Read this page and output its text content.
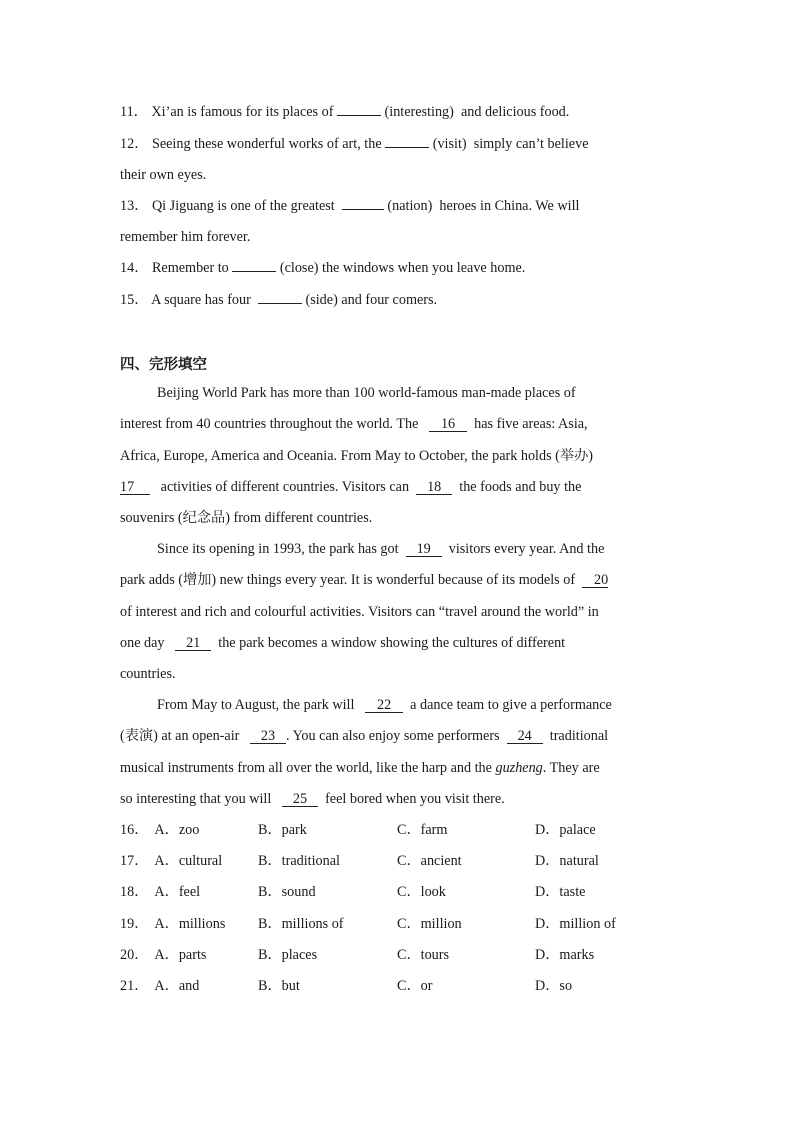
11． Xi’an is famous for its places of	(interesting) and delicious food.
12． Seeing these wonderful works of art, the	(visit) simply can’t believe
their own eyes.
13． Qi Jiguang is one of the greatest	(nation) heroes in China. We will
remember him forever.
14． Remember to	(close) the windows when you leave home.
15． A square has four	(side) and four comers.
四、完形填空
Beijing World Park has more than 100 world-famous man-made places of
interest from 40 countries throughout the world. The 16 has five areas: Asia,
Africa, Europe, America and Oceania. From May to October, the park holds (举办)
17 activities of different countries. Visitors can 18 the foods and buy the
souvenirs (纪念品) from different countries.
Since its opening in 1993, the park has got 19 visitors every year. And the
park adds (增加) new things every year. It is wonderful because of its models of 20
of interest and rich and colourful activities. Visitors can “travel around the world” in
one day 21 the park becomes a window showing the cultures of different
countries.
From May to August, the park will 22 a dance team to give a performance
(表演) at an open-air 23 . You can also enjoy some performers 24 traditional
musical instruments from all over the world, like the harp and the guzheng. They are
so interesting that you will 25 feel bored when you visit there.
16． A．zoo	B．park	C．farm	D．palace
17． A．cultural	B．traditional	C．ancient	D．natural
18． A．feel	B．sound	C．look	D．taste
19． A．millions B．millions of	C．million	D．million of
20． A．parts	B．places	C．tours	D．marks
21． A．and	B．but	C．or	D．so
